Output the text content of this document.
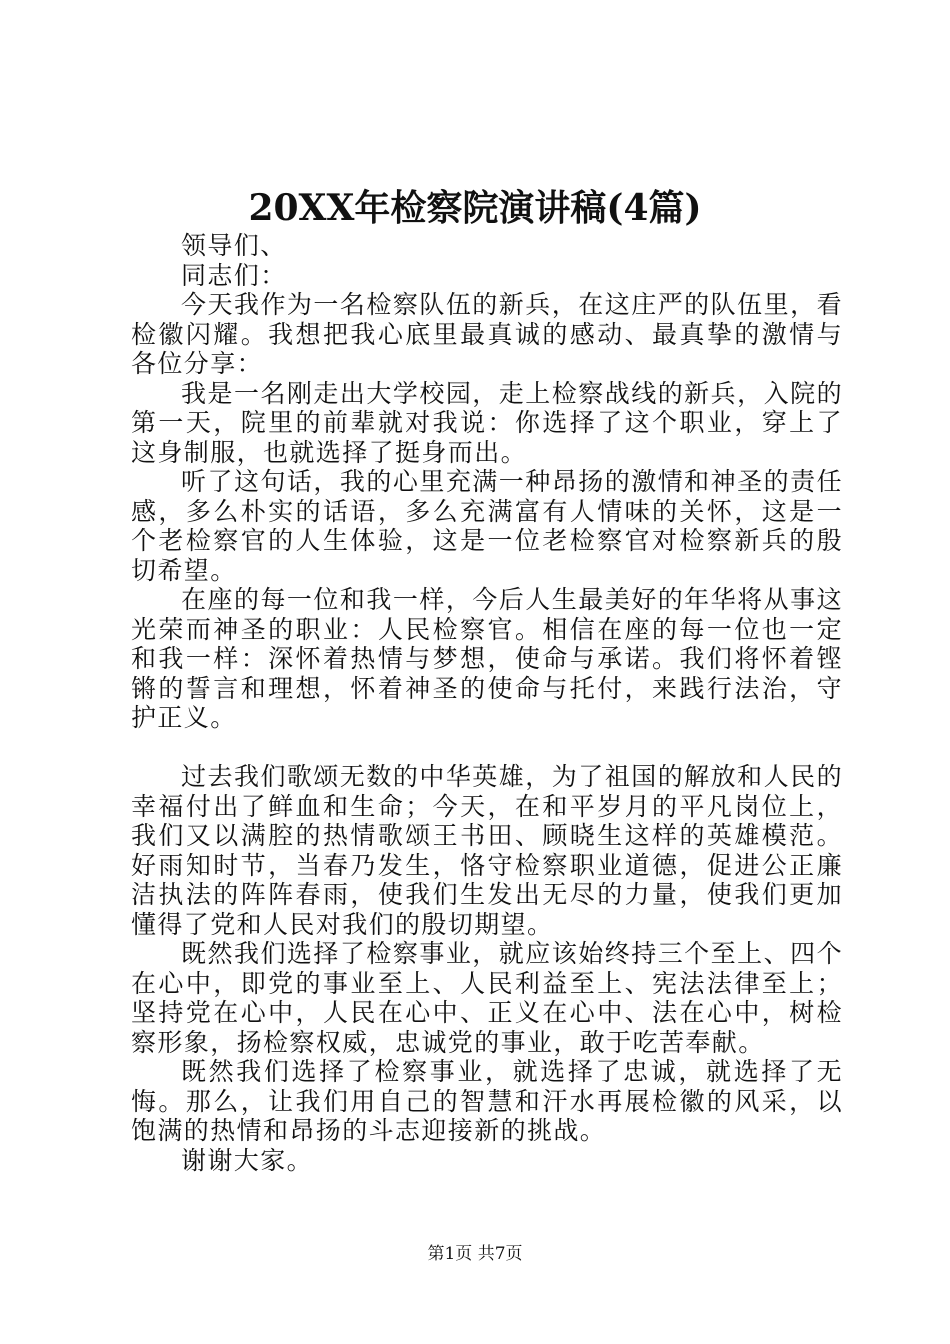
20XX年检察院演讲稿(4篇)

领导们、

同志们：

今天我作为一名检察队伍的新兵，在这庄严的队伍里，看检徽闪耀。我想把我心底里最真诚的感动、最真挚的激情与各位分享：

我是一名刚走出大学校园，走上检察战线的新兵，入院的第一天，院里的前辈就对我说：你选择了这个职业，穿上了这身制服，也就选择了挺身而出。

听了这句话，我的心里充满一种昂扬的激情和神圣的责任感，多么朴实的话语，多么充满富有人情味的关怀，这是一个老检察官的人生体验，这是一位老检察官对检察新兵的殷切希望。

在座的每一位和我一样，今后人生最美好的年华将从事这光荣而神圣的职业：人民检察官。相信在座的每一位也一定和我一样：深怀着热情与梦想，使命与承诺。我们将怀着铿锵的誓言和理想，怀着神圣的使命与托付，来践行法治，守护正义。

过去我们歌颂无数的中华英雄，为了祖国的解放和人民的幸福付出了鲜血和生命；今天，在和平岁月的平凡岗位上，我们又以满腔的热情歌颂王书田、顾晓生这样的英雄模范。好雨知时节，当春乃发生，恪守检察职业道德，促进公正廉洁执法的阵阵春雨，使我们生发出无尽的力量，使我们更加懂得了党和人民对我们的殷切期望。

既然我们选择了检察事业，就应该始终持三个至上、四个在心中，即党的事业至上、人民利益至上、宪法法律至上；坚持党在心中，人民在心中、正义在心中、法在心中，树检察形象，扬检察权威，忠诚党的事业，敢于吃苦奉献。

既然我们选择了检察事业，就选择了忠诚，就选择了无悔。那么，让我们用自己的智慧和汗水再展检徽的风采，以饱满的热情和昂扬的斗志迎接新的挑战。

谢谢大家。

第1页 共7页
